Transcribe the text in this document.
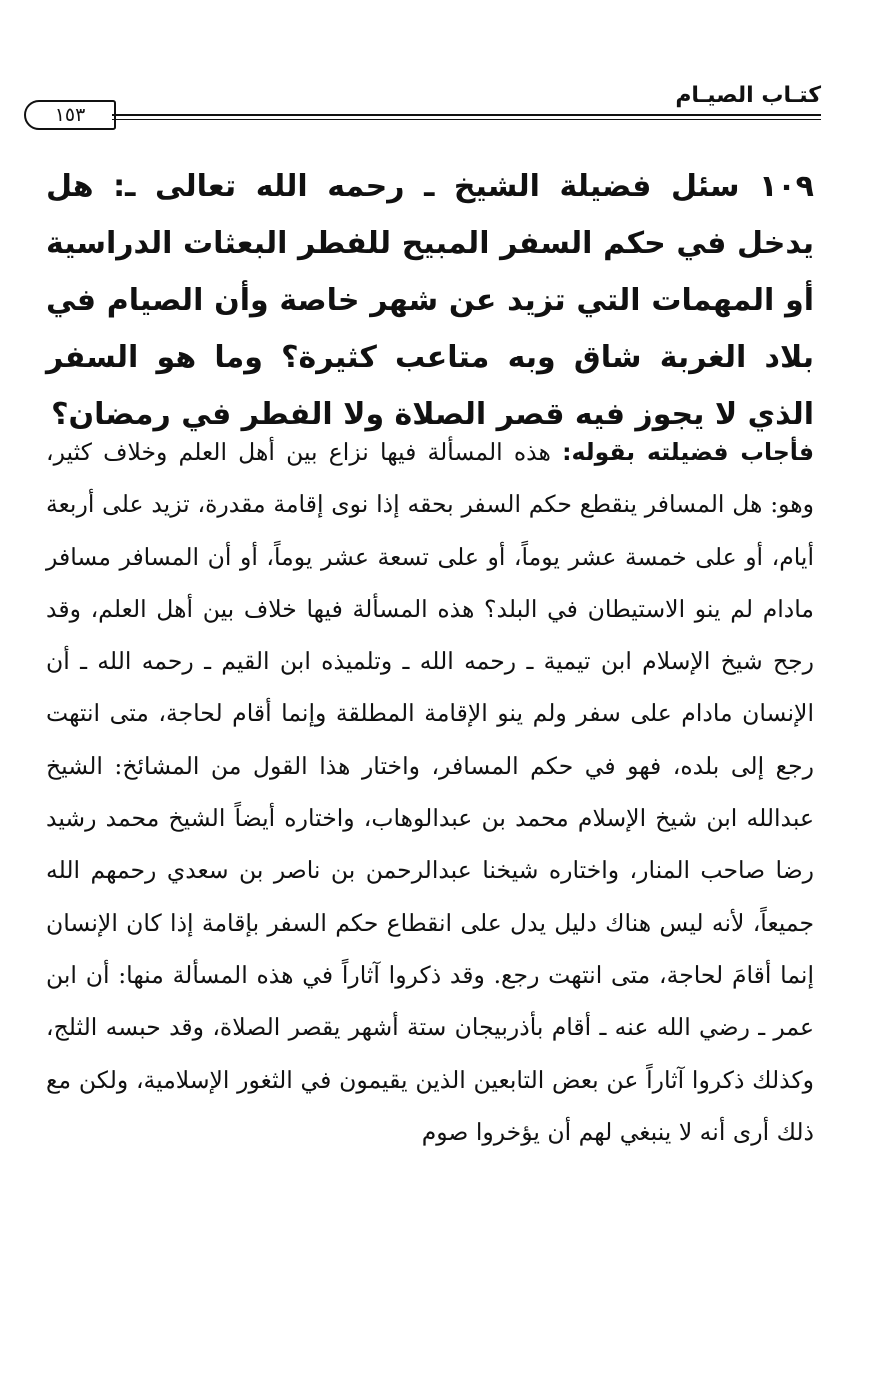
كتـاب الصيـام
١٥٣
١٠٩ سئل فضيلة الشيخ ـ رحمه الله تعالى ـ: هل يدخل في حكم السفر المبيح للفطر البعثات الدراسية أو المهمات التي تزيد عن شهر خاصة وأن الصيام في بلاد الغربة شاق وبه متاعب كثيرة؟ وما هو السفر الذي لا يجوز فيه قصر الصلاة ولا الفطر في رمضان؟
فأجاب فضيلته بقوله: هذه المسألة فيها نزاع بين أهل العلم وخلاف كثير، وهو: هل المسافر ينقطع حكم السفر بحقه إذا نوى إقامة مقدرة، تزيد على أربعة أيام، أو على خمسة عشر يوماً، أو على تسعة عشر يوماً، أو أن المسافر مسافر مادام لم ينو الاستيطان في البلد؟ هذه المسألة فيها خلاف بين أهل العلم، وقد رجح شيخ الإسلام ابن تيمية ـ رحمه الله ـ وتلميذه ابن القيم ـ رحمه الله ـ أن الإنسان مادام على سفر ولم ينو الإقامة المطلقة وإنما أقام لحاجة، متى انتهت رجع إلى بلده، فهو في حكم المسافر، واختار هذا القول من المشائخ: الشيخ عبدالله ابن شيخ الإسلام محمد بن عبدالوهاب، واختاره أيضاً الشيخ محمد رشيد رضا صاحب المنار، واختاره شيخنا عبدالرحمن بن ناصر بن سعدي رحمهم الله جميعاً، لأنه ليس هناك دليل يدل على انقطاع حكم السفر بإقامة إذا كان الإنسان إنما أقامَ لحاجة، متى انتهت رجع. وقد ذكروا آثاراً في هذه المسألة منها: أن ابن عمر ـ رضي الله عنه ـ أقام بأذربيجان ستة أشهر يقصر الصلاة، وقد حبسه الثلج، وكذلك ذكروا آثاراً عن بعض التابعين الذين يقيمون في الثغور الإسلامية، ولكن مع ذلك أرى أنه لا ينبغي لهم أن يؤخروا صوم
